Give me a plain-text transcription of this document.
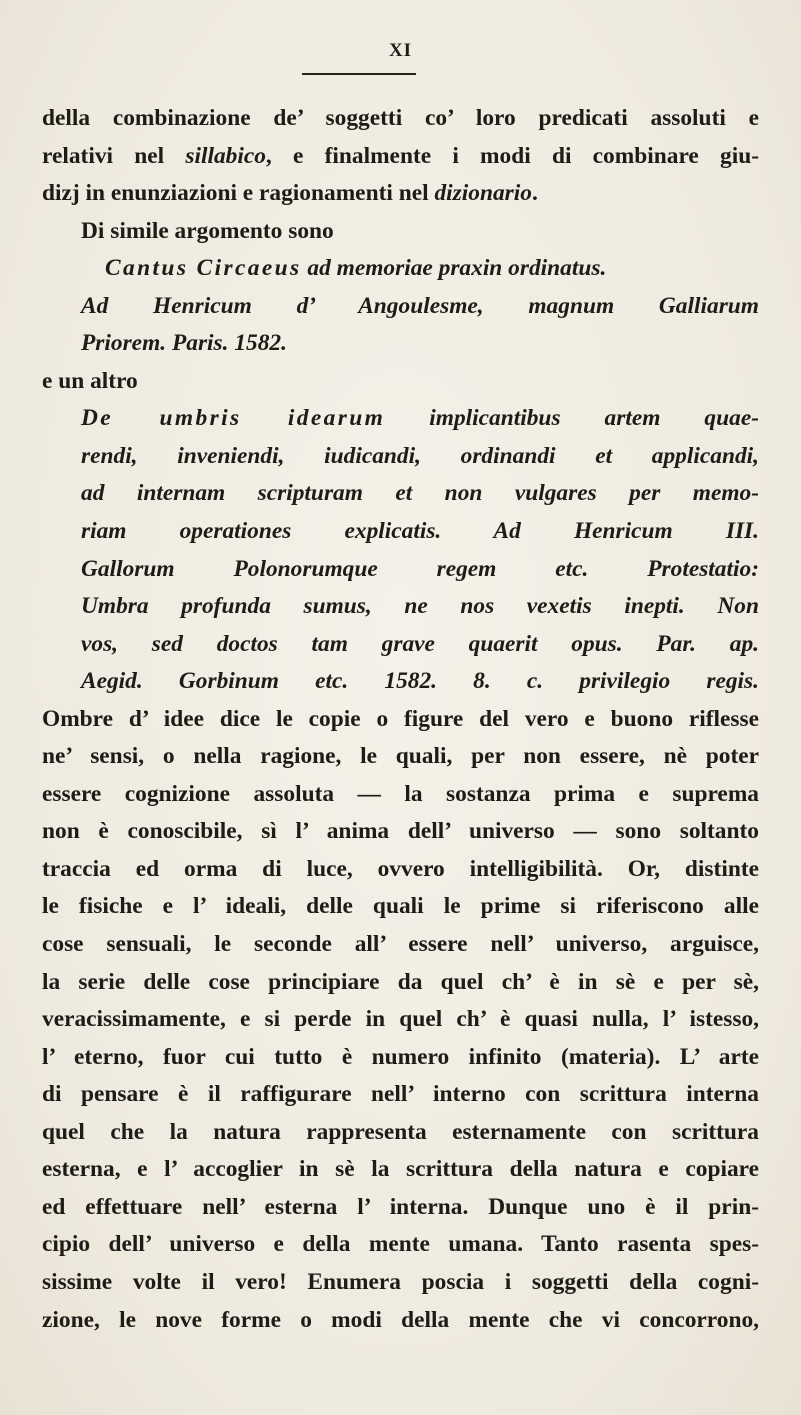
XI
della combinazione de’ soggetti co’ loro predicati assoluti e
relativi nel sillabico, e finalmente i modi di combinare giu-
dizj in enunziazioni e ragionamenti nel dizionario.
Di simile argomento sono
Cantus Circaeus ad memoriae praxin ordinatus.
Ad Henricum d’ Angoulesme, magnum Galliarum
Priorem. Paris. 1582.
e un altro
De umbris idearum implicantibus artem quae-
rendi, inveniendi, iudicandi, ordinandi et applicandi,
ad internam scripturam et non vulgares per memo-
riam operationes explicatis. Ad Henricum III.
Gallorum Polonorumque regem etc. Protestatio:
Umbra profunda sumus, ne nos vexetis inepti. Non
vos, sed doctos tam grave quaerit opus. Par. ap.
Aegid. Gorbinum etc. 1582. 8. c. privilegio regis.
Ombre d’ idee dice le copie o figure del vero e buono riflesse
ne’ sensi, o nella ragione, le quali, per non essere, nè poter
essere cognizione assoluta — la sostanza prima e suprema
non è conoscibile, sì l’ anima dell’ universo — sono soltanto
traccia ed orma di luce, ovvero intelligibilità. Or, distinte
le fisiche e l’ ideali, delle quali le prime si riferiscono alle
cose sensuali, le seconde all’ essere nell’ universo, arguisce,
la serie delle cose principiare da quel ch’ è in sè e per sè,
veracissimamente, e si perde in quel ch’ è quasi nulla, l’ istesso,
l’ eterno, fuor cui tutto è numero infinito (materia). L’ arte
di pensare è il raffigurare nell’ interno con scrittura interna
quel che la natura rappresenta esternamente con scrittura
esterna, e l’ accoglier in sè la scrittura della natura e copiare
ed effettuare nell’ esterna l’ interna. Dunque uno è il prin-
cipio dell’ universo e della mente umana. Tanto rasenta spes-
sissime volte il vero! Enumera poscia i soggetti della cogni-
zione, le nove forme o modi della mente che vi concorrono,
